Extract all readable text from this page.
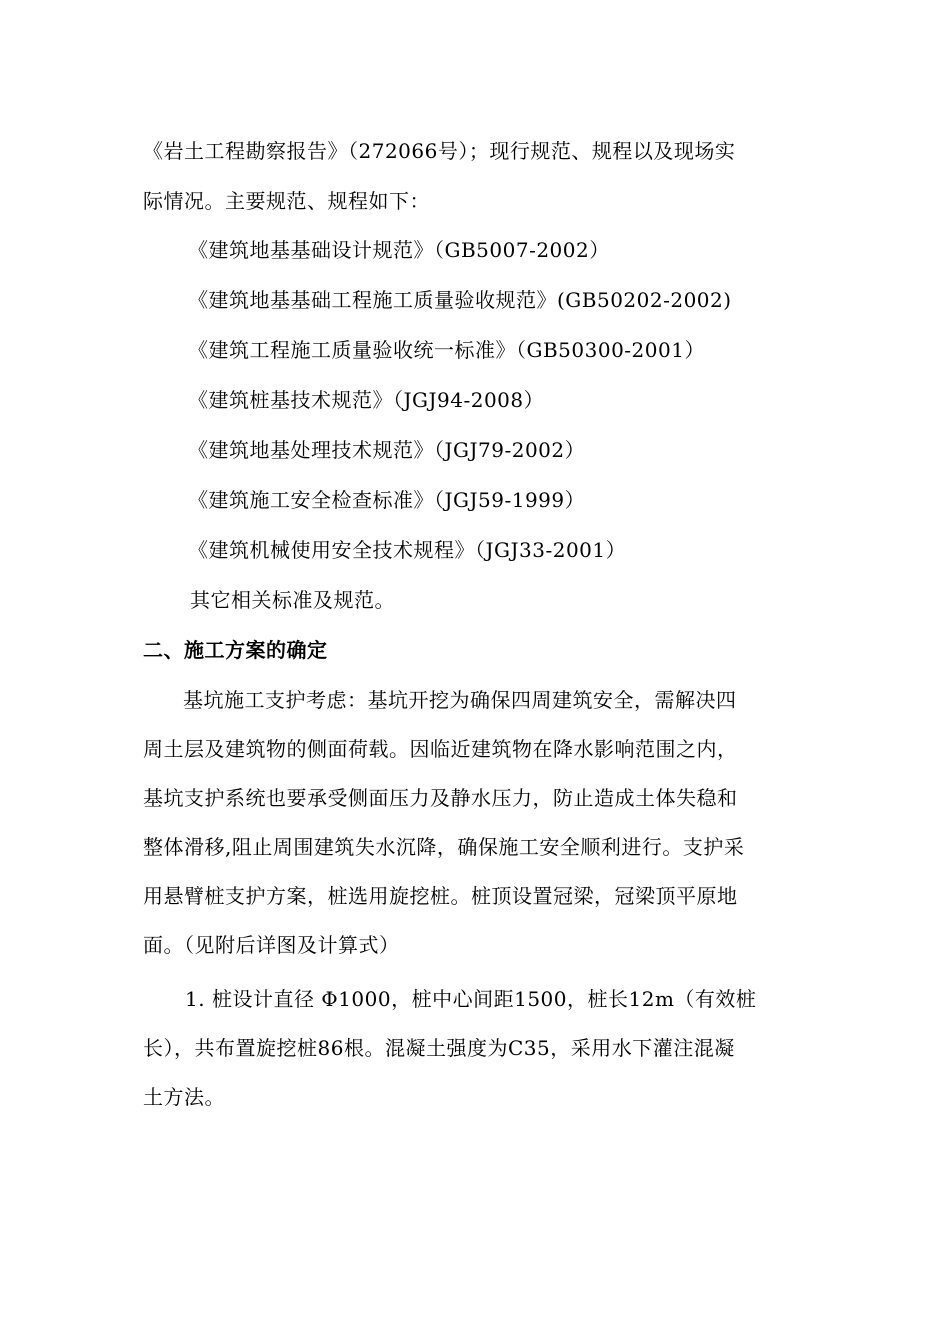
《岩土工程勘察报告》（272066号）；现行规范、规程以及现场实
际情况。主要规范、规程如下：
《建筑地基基础设计规范》（GB5007-2002）
《建筑地基基础工程施工质量验收规范》(GB50202-2002)
《建筑工程施工质量验收统一标准》（GB50300-2001）
《建筑桩基技术规范》（JGJ94-2008）
《建筑地基处理技术规范》（JGJ79-2002）
《建筑施工安全检查标准》（JGJ59-1999）
《建筑机械使用安全技术规程》（JGJ33-2001）
其它相关标准及规范。
二、施工方案的确定
基坑施工支护考虑：基坑开挖为确保四周建筑安全，需解决四
周土层及建筑物的侧面荷载。因临近建筑物在降水影响范围之内，
基坑支护系统也要承受侧面压力及静水压力，防止造成土体失稳和
整体滑移,阻止周围建筑失水沉降，确保施工安全顺利进行。支护采
用悬臂桩支护方案，桩选用旋挖桩。桩顶设置冠梁，冠梁顶平原地
面。（见附后详图及计算式）
1. 桩设计直径 Φ1000，桩中心间距1500，桩长12m（有效桩
长），共布置旋挖桩86根。混凝土强度为C35，采用水下灌注混凝
土方法。
